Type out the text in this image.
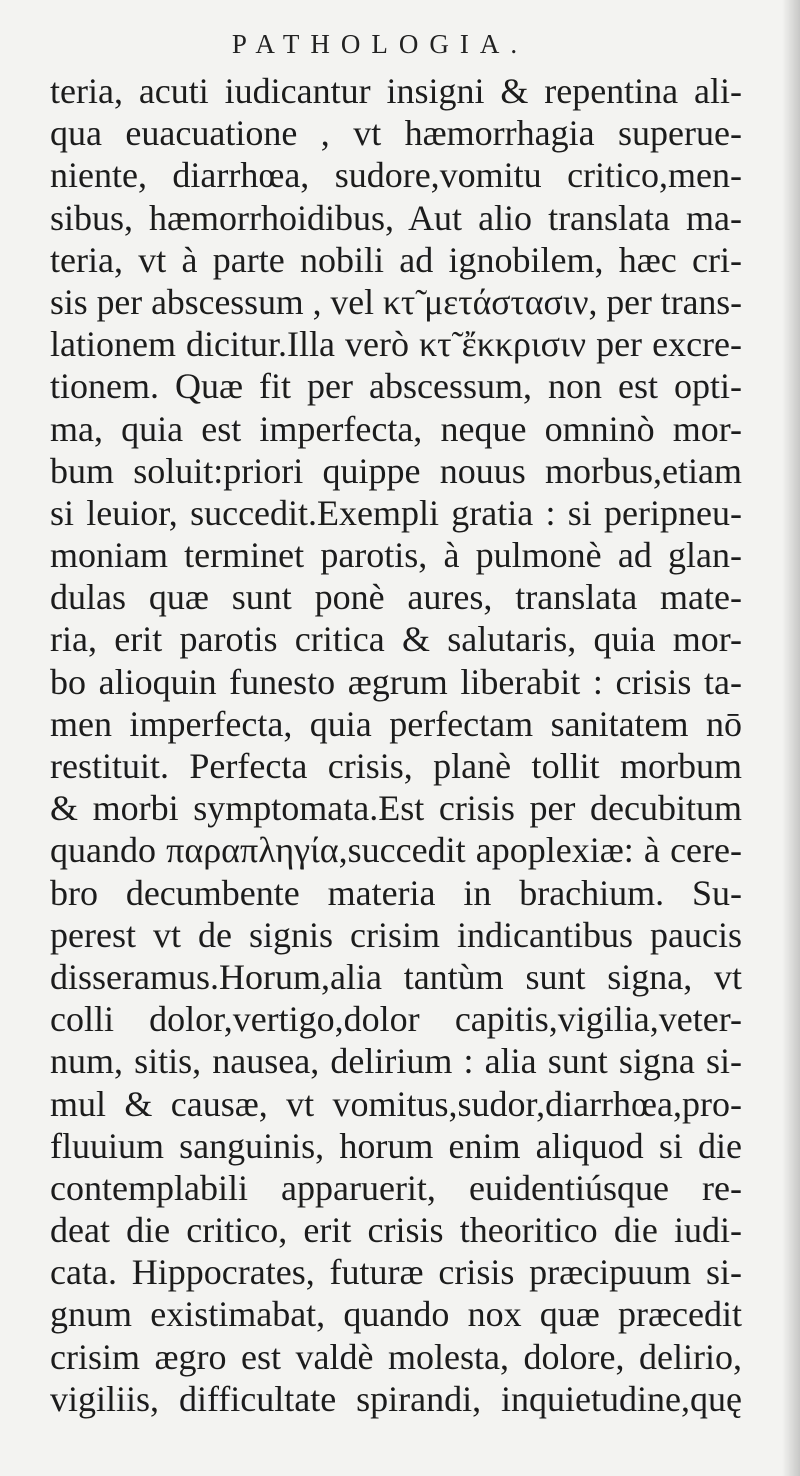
PATHOLOGIA.
teria, acuti iudicantur insigni & repentina ali-
qua euacuatione , vt hæmorrhagia superue-
niente, diarrhœa, sudore,vomitu critico,men-
sibus, hæmorrhoidibus, Aut alio translata ma-
teria, vt à parte nobili ad ignobilem, hæc cri-
sis per abscessum , vel κτ̃ μετάστασιν, per trans-
lationem dicitur.Illa verò κτ̃ ἔκκρισιν per excre-
tionem. Quæ fit per abscessum, non est opti-
ma, quia est imperfecta, neque omninò mor-
bum soluit:priori quippe nouus morbus,etiam
si leuior, succedit.Exempli gratia : si peripneu-
moniam terminet parotis, à pulmonè ad glan-
dulas quæ sunt ponè aures, translata mate-
ria, erit parotis critica & salutaris, quia mor-
bo alioquin funesto ægrum liberabit : crisis ta-
men imperfecta, quia perfectam sanitatem nō
restituit. Perfecta crisis, planè tollit morbum
& morbi symptomata.Est crisis per decubitum
quando παραπληγία,succedit apoplexiæ: à cere-
bro decumbente materia in brachium. Su-
perest vt de signis crisim indicantibus paucis
disseramus.Horum,alia tantùm sunt signa, vt
colli dolor,vertigo,dolor capitis,vigilia,veter-
num, sitis, nausea, delirium : alia sunt signa si-
mul & causæ, vt vomitus,sudor,diarrhœa,pro-
fluuium sanguinis, horum enim aliquod si die
contemplabili apparuerit, euidentiúsque re-
deat die critico, erit crisis theoritico die iudi-
cata. Hippocrates, futuræ crisis præcipuum si-
gnum existimabat, quando nox quæ præcedit
crisim ægro est valdè molesta, dolore, delirio,
vigiliis, difficultate spirandi, inquietudine,quę
